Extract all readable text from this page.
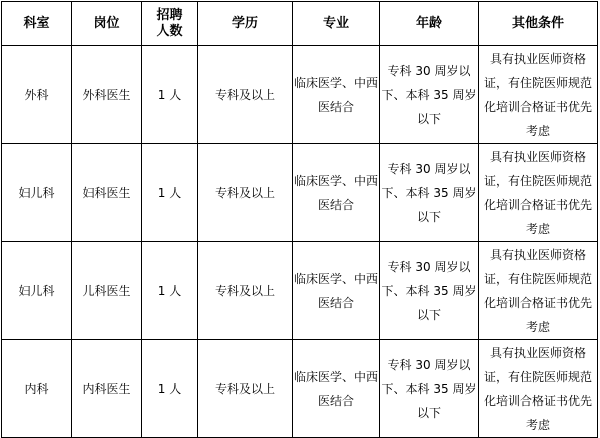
科室	岗位	招聘人数	学历	专业	年龄	其他条件
外科	外科医生	1 人	专科及以上	临床医学、中西医结合	专科 30 周岁以下、本科 35 周岁以下	具有执业医师资格证，有住院医师规范化培训合格证书优先考虑

妇儿科	妇科医生	1 人	专科及以上	临床医学、中西医结合	专科 30 周岁以下、本科 35 周岁以下	具有执业医师资格证，有住院医师规范化培训合格证书优先考虑

妇儿科	儿科医生	1 人	专科及以上	临床医学、中西医结合	专科 30 周岁以下、本科 35 周岁以下	具有执业医师资格证，有住院医师规范化培训合格证书优先考虑

内科	内科医生	1 人	专科及以上	临床医学、中西医结合	专科 30 周岁以下、本科 35 周岁以下	具有执业医师资格证，有住院医师规范化培训合格证书优先考虑
